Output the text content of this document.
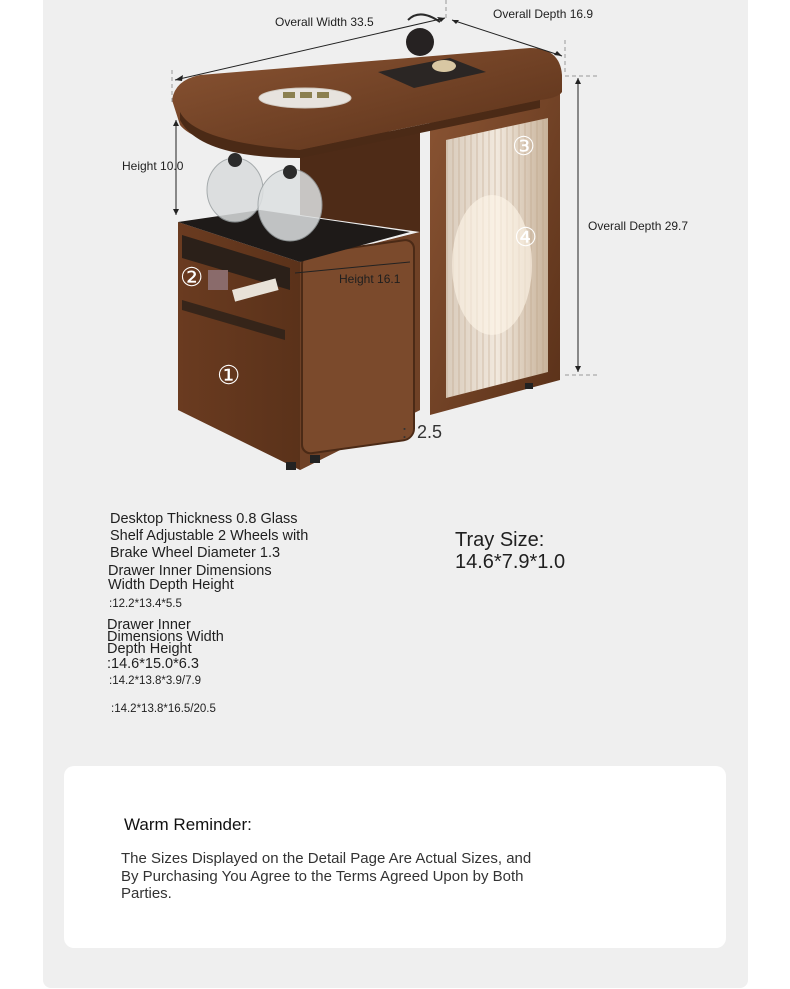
Overall Width 33.5
Overall Depth 16.9
Height 10.0
Overall Depth 29.7
Height 16.1
:  2.5
①
②
③
④
Desktop Thickness 0.8 Glass
Shelf Adjustable 2 Wheels with
Brake Wheel Diameter 1.3
Drawer Inner Dimensions
Width Depth Height
:12.2*13.4*5.5
Drawer Inner
Dimensions Width
Depth Height
:14.6*15.0*6.3
:14.2*13.8*3.9/7.9
:14.2*13.8*16.5/20.5
Tray Size:
14.6*7.9*1.0
Warm Reminder:
The Sizes Displayed on the Detail Page Are Actual Sizes, and By Purchasing You Agree to the Terms Agreed Upon by Both Parties.
